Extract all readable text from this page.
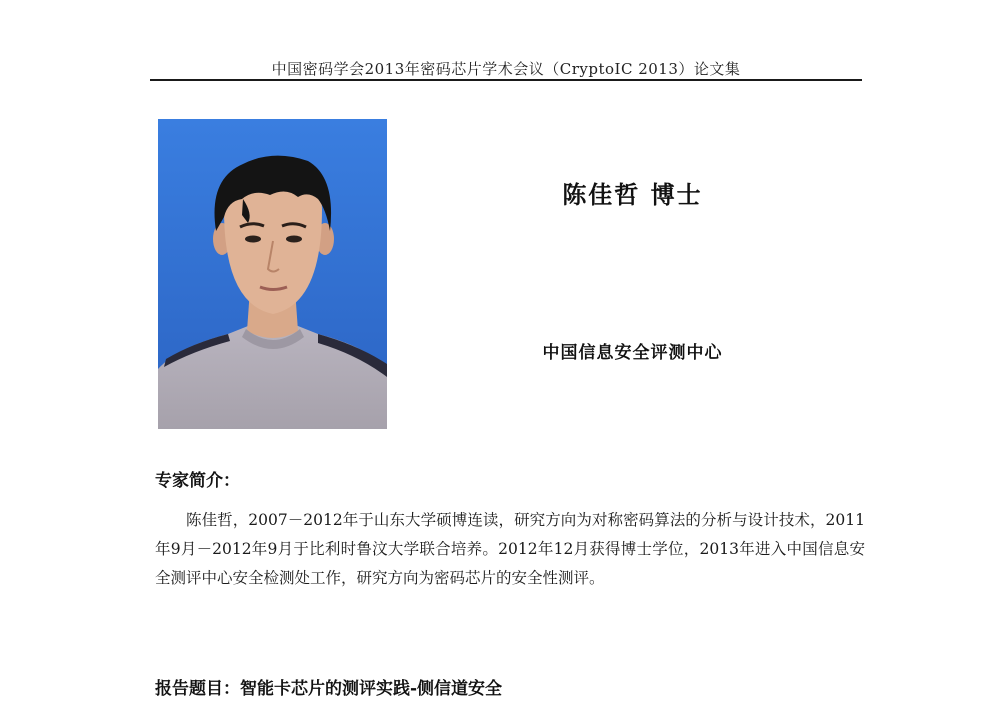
中国密码学会2013年密码芯片学术会议（CryptoIC 2013）论文集
陈佳哲 博士
中国信息安全评测中心
专家简介：

陈佳哲，2007－2012年于山东大学硕博连读，研究方向为对称密码算法的分析与设计技术，2011年9月－2012年9月于比利时鲁汶大学联合培养。2012年12月获得博士学位，2013年进入中国信息安全测评中心安全检测处工作，研究方向为密码芯片的安全性测评。

报告题目：智能卡芯片的测评实践-侧信道安全
